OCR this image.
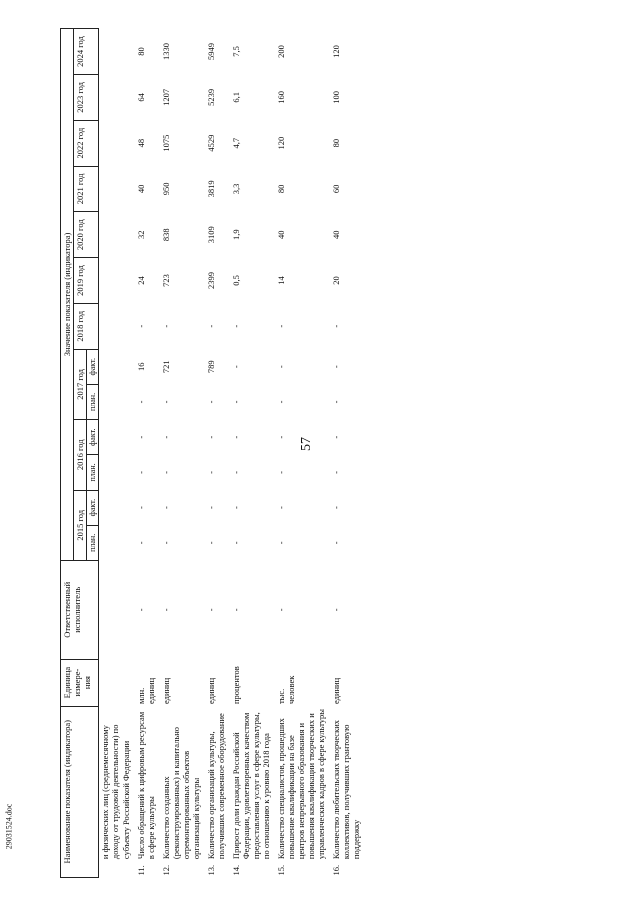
57
29031524.doc	Наименование показателя (индикатора)		Единица измере- ния	Ответственный исполнитель	Значение показателя (индикатора)												
				2015 год		2016 год		2017 год		2018 год	2019 год	2020 год	2021 год	2022 год	2023 год	2024 год
				план.	факт.	план.	факт.	план.	факт.							
	и физических лиц (среднемесячному доходу от трудовой деятельности) по субъекту Российской Федерации															
11.	Число обращений к цифровым ресурсам в сфере культуры	млн. единиц	-	-	-	-	-	-	16	-	24	32	40	48	64	80
12.	Количество созданных (реконструированных) и капитально отремонтированных объектов организаций культуры	единиц	-	-	-	-	-	-	721	-	723	838	950	1075	1207	1330
13.	Количество организаций культуры, получивших современное оборудование	единиц	-	-	-	-	-	-	789	-	2399	3109	3819	4529	5239	5949
14.	Прирост доли граждан Российской Федерации, удовлетворенных качеством предоставления услуг в сфере культуры, по отношению к уровню 2018 года	процентов	-	-	-	-	-	-	-	-	0,5	1,9	3,3	4,7	6,1	7,5
15.	Количество специалистов, прошедших повышение квалификации на базе центров непрерывного образования и повышения квалификации творческих и управленческих кадров в сфере культуры	тыс. человек	-	-	-	-	-	-	-	-	14	40	80	120	160	200
16.	Количество любительских творческих коллективов, получивших грантовую поддержку	единиц	-	-	-	-	-	-	-	-	20	40	60	80	100	120
